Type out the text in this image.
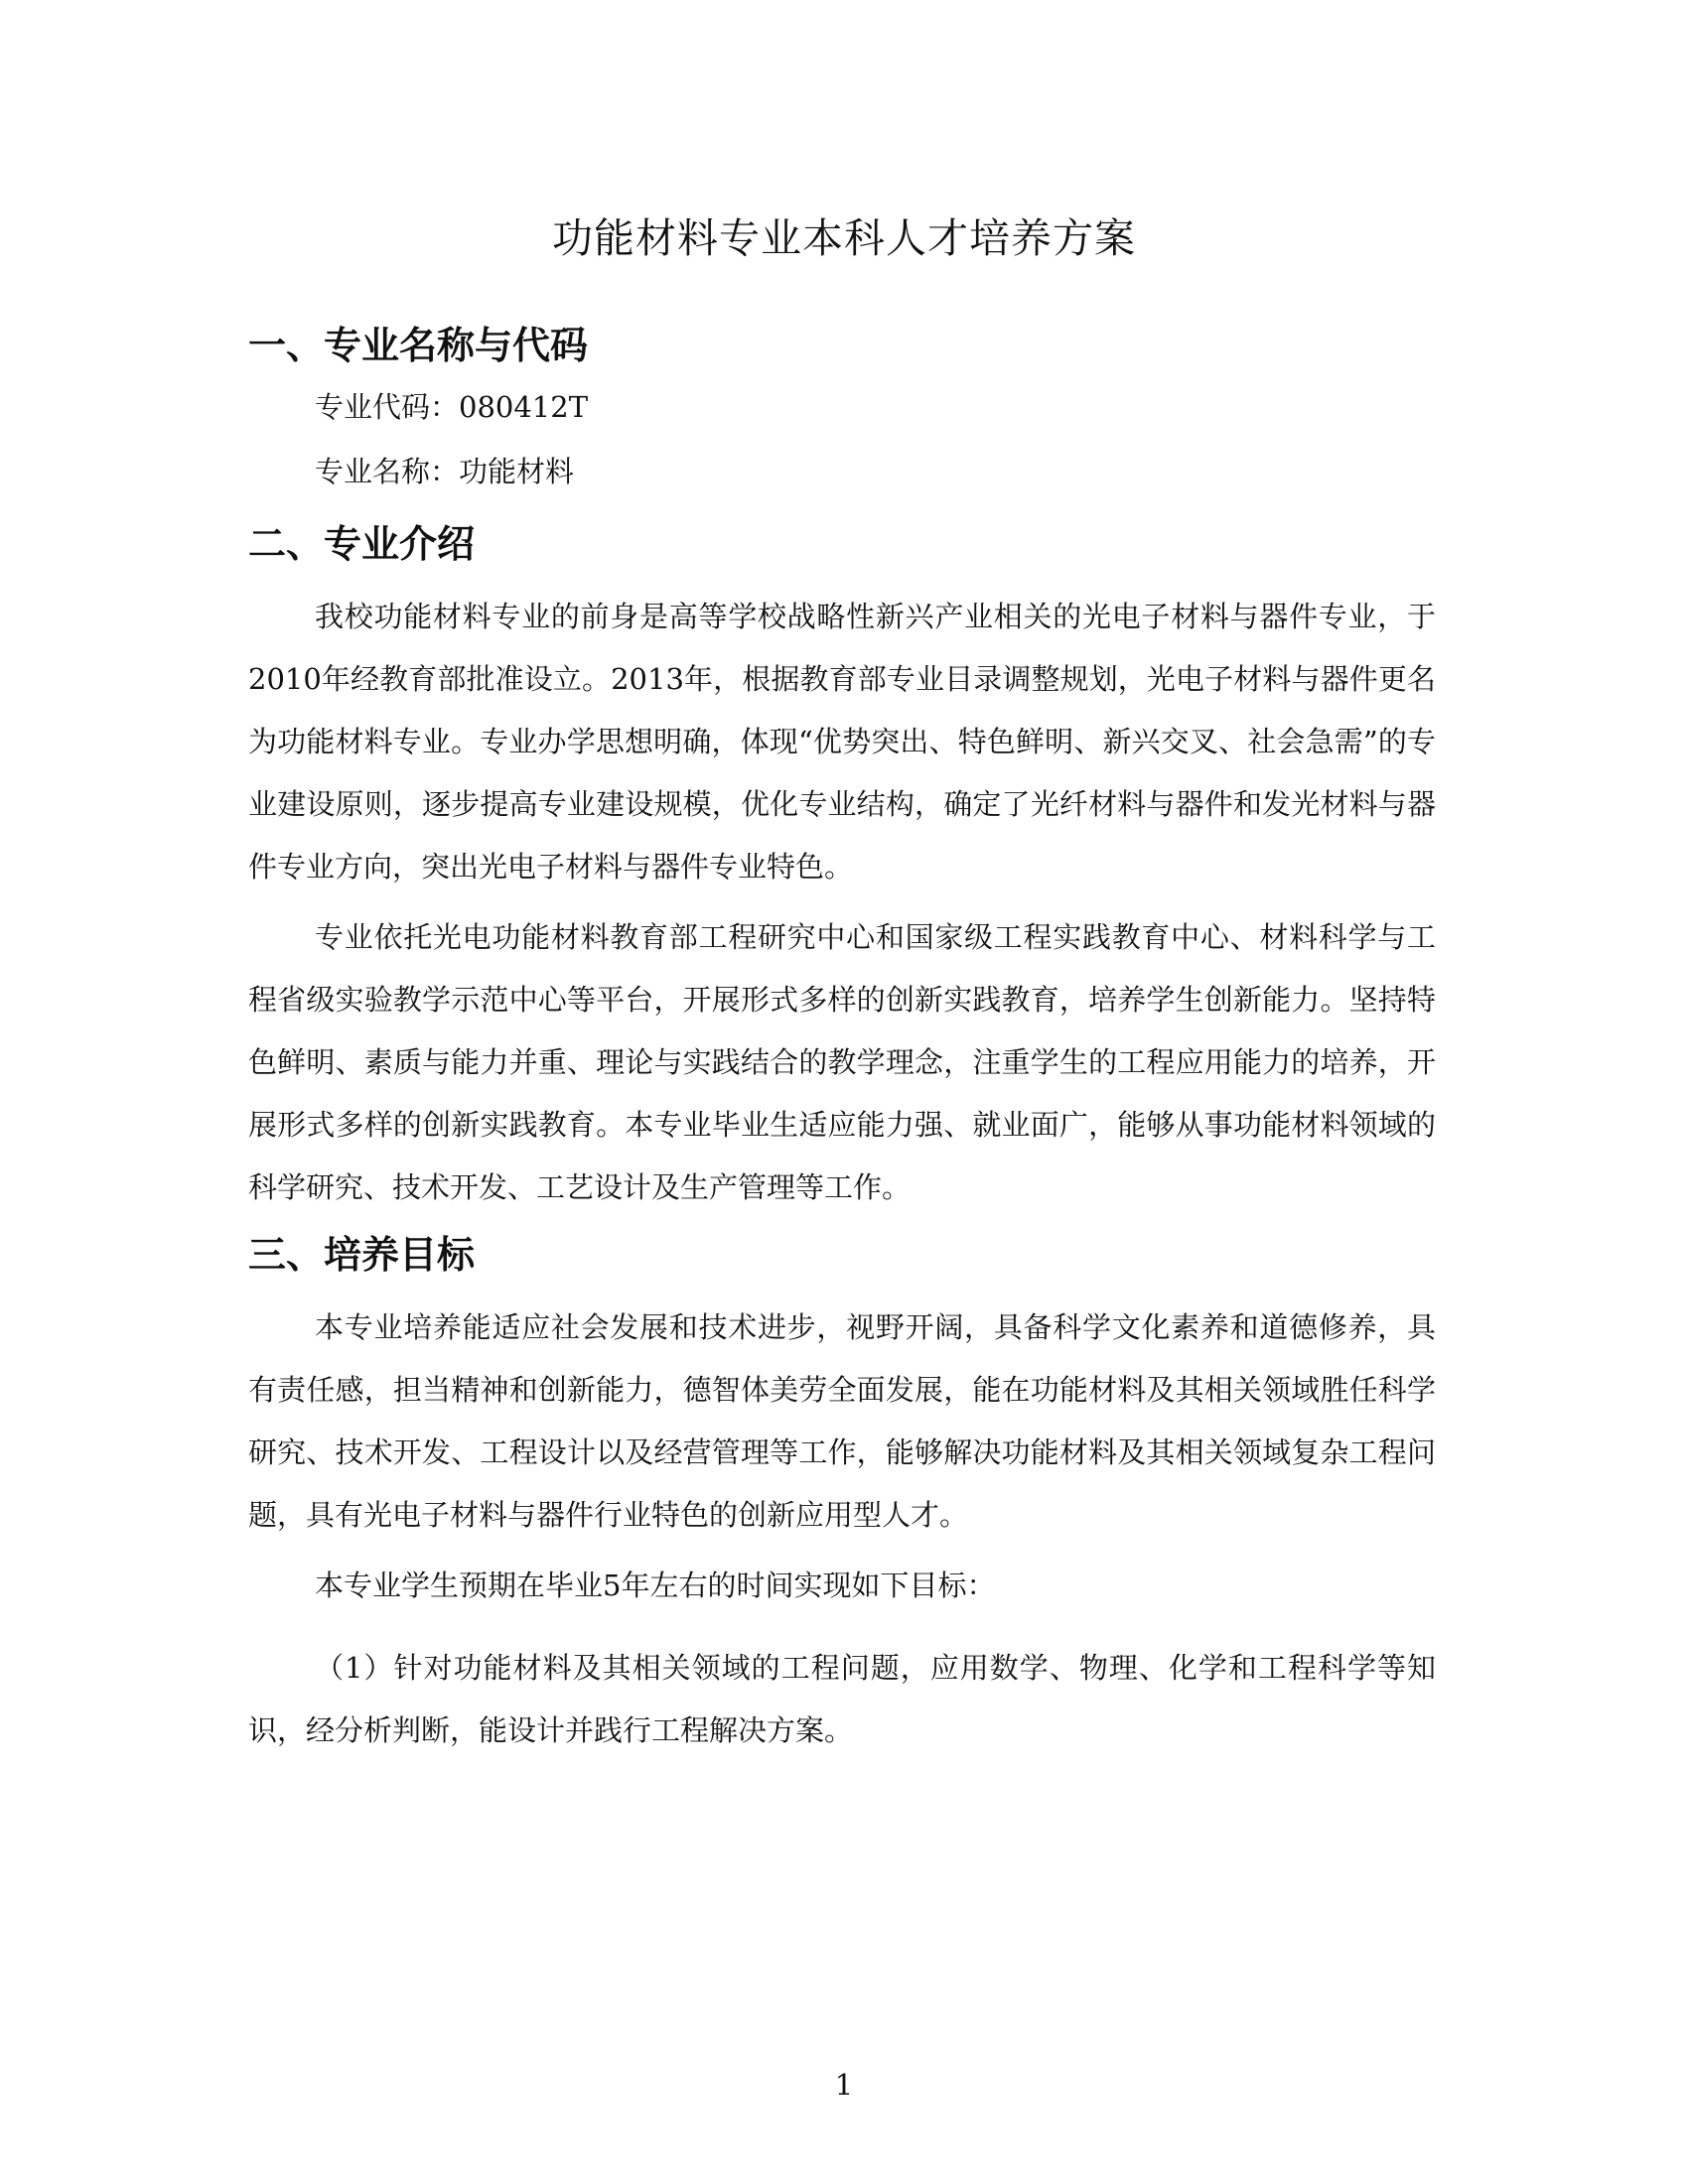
功能材料专业本科人才培养方案
一、专业名称与代码

专业代码：080412T

专业名称：功能材料

二、专业介绍

我校功能材料专业的前身是高等学校战略性新兴产业相关的光电子材料与器件专业，于2010年经教育部批准设立。2013年，根据教育部专业目录调整规划，光电子材料与器件更名为功能材料专业。专业办学思想明确，体现“优势突出、特色鲜明、新兴交叉、社会急需”的专业建设原则，逐步提高专业建设规模，优化专业结构，确定了光纤材料与器件和发光材料与器件专业方向，突出光电子材料与器件专业特色。

专业依托光电功能材料教育部工程研究中心和国家级工程实践教育中心、材料科学与工程省级实验教学示范中心等平台，开展形式多样的创新实践教育，培养学生创新能力。坚持特色鲜明、素质与能力并重、理论与实践结合的教学理念，注重学生的工程应用能力的培养，开展形式多样的创新实践教育。本专业毕业生适应能力强、就业面广，能够从事功能材料领域的科学研究、技术开发、工艺设计及生产管理等工作。

三、培养目标

本专业培养能适应社会发展和技术进步，视野开阔，具备科学文化素养和道德修养，具有责任感，担当精神和创新能力，德智体美劳全面发展，能在功能材料及其相关领域胜任科学研究、技术开发、工程设计以及经营管理等工作，能够解决功能材料及其相关领域复杂工程问题，具有光电子材料与器件行业特色的创新应用型人才。

本专业学生预期在毕业5年左右的时间实现如下目标：

（1）针对功能材料及其相关领域的工程问题，应用数学、物理、化学和工程科学等知识，经分析判断，能设计并践行工程解决方案。

1
